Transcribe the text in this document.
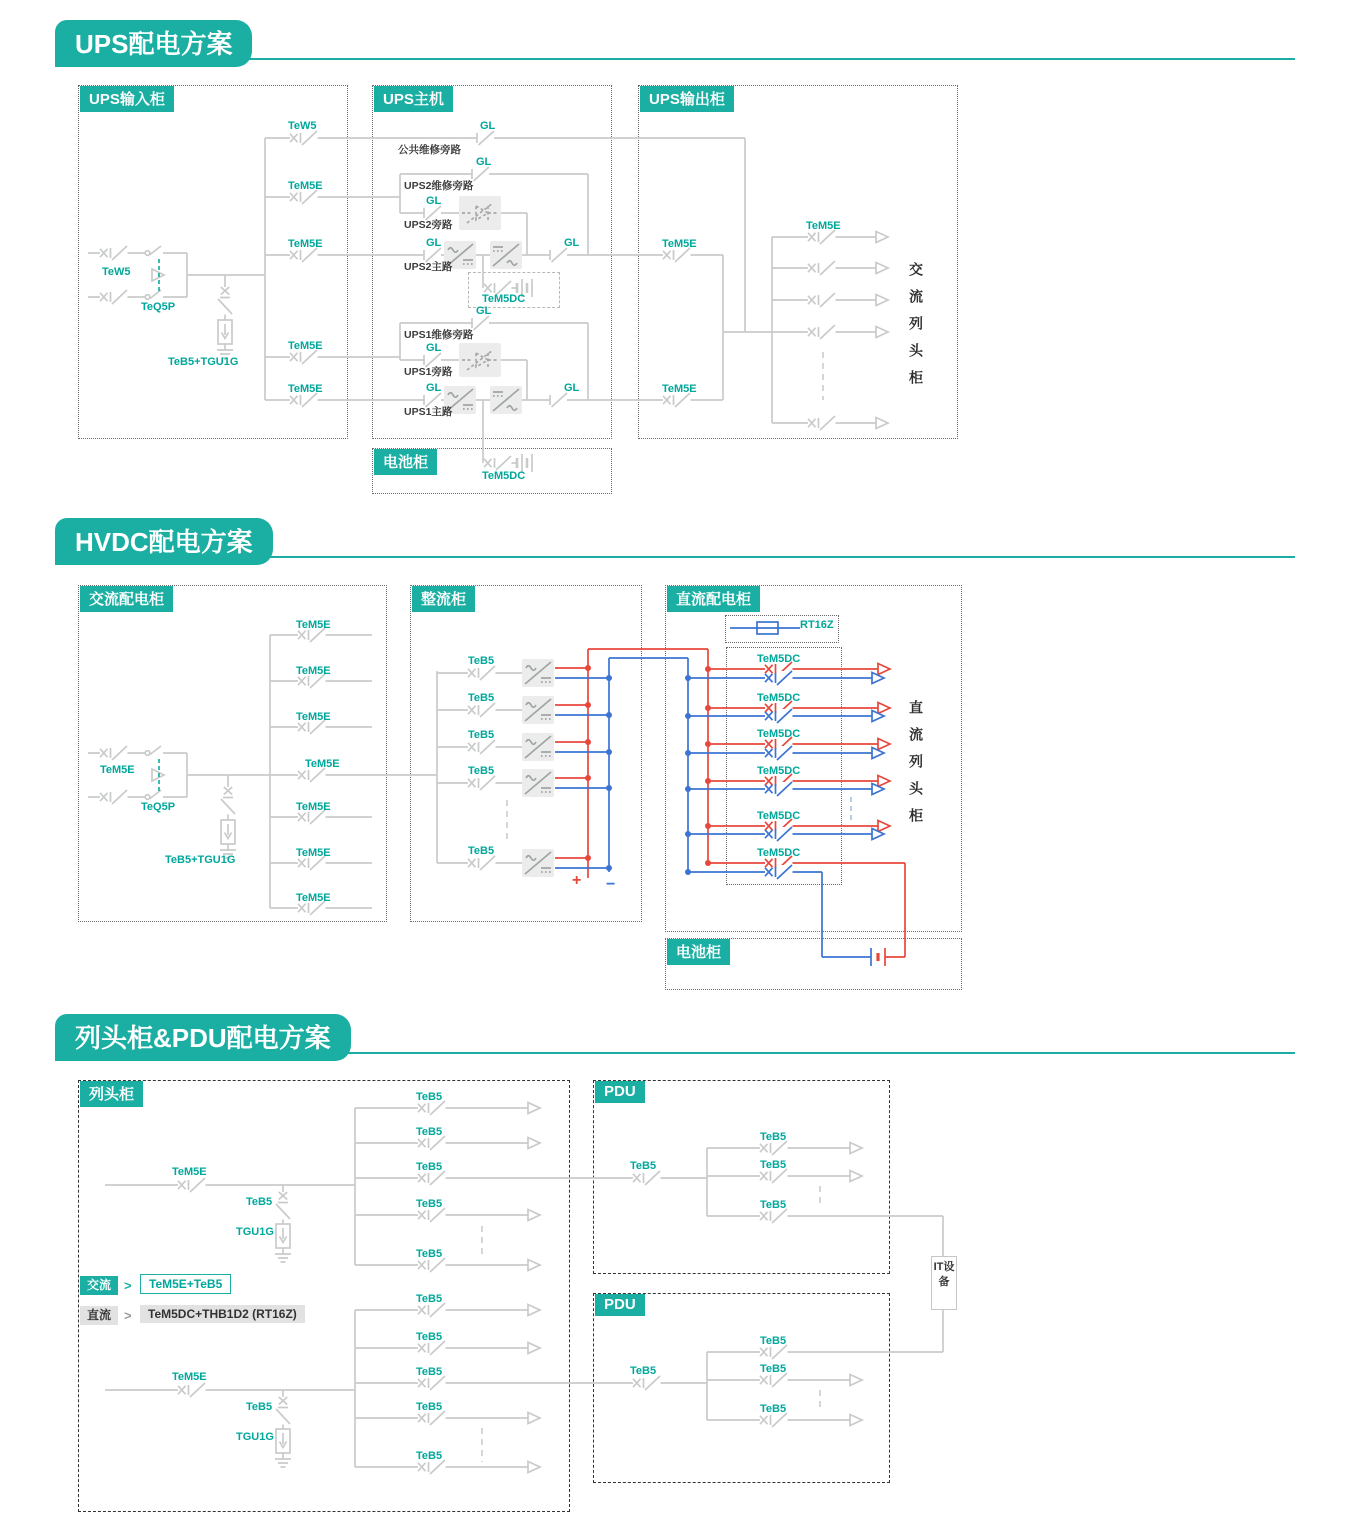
UPS配电方案
HVDC配电方案
列头柜&PDU配电方案
UPS输入柜	UPS主机	UPS输出柜
电池柜
交流配电柜	整流柜	直流配电柜
电池柜
列头柜	PDU
PDU
TeW5
TeQ5P
TeB5+TGU1G
TeW5
TeM5E
TeM5E
TeM5E
TeM5E
GL
GL
GL
GL	GL
GL
GL
GL	GL
TeM5DC
TeM5DC
TeM5E
TeM5E
TeM5E
公共维修旁路
UPS2维修旁路
UPS2旁路
UPS2主路
UPS1维修旁路
UPS1旁路
UPS1主路
交流列头柜
TeM5E
TeQ5P
TeB5+TGU1G
TeM5E
TeM5E
TeM5E
TeM5E
TeM5E
TeM5E
TeM5E
TeB5
TeB5
TeB5
TeB5
TeB5
RT16Z
TeM5DC
TeM5DC
TeM5DC
TeM5DC
TeM5DC
TeM5DC
直流列头柜
+ −
TeM5E
TeB5
TGU1G
TeB5
TeB5
TeB5
TeB5
TeB5
TeM5E
TeB5
TGU1G
TeB5
TeB5
TeB5
TeB5
TeB5
TeB5
TeB5
TeB5
TeB5
TeB5
TeB5
TeB5
TeB5
IT设备
交流	>	TeM5E+TeB5
直流	>	TeM5DC+THB1D2 (RT16Z)
